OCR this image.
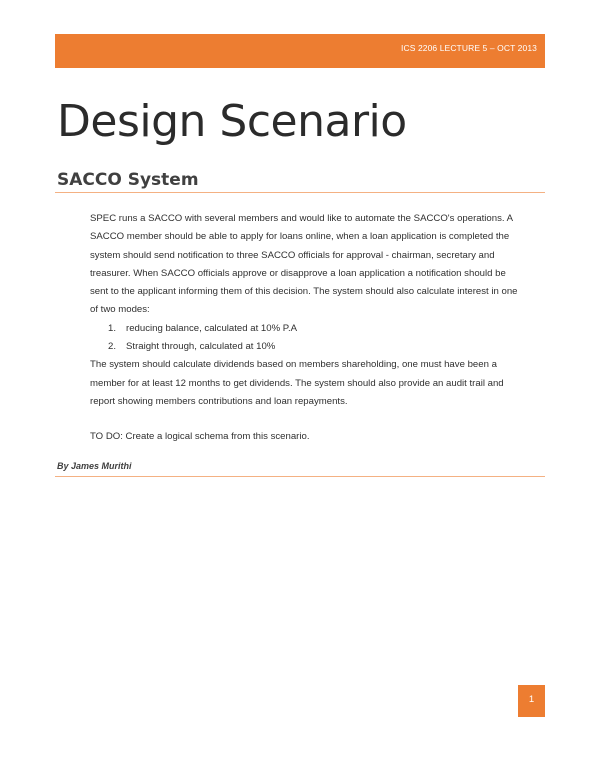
ICS 2206 LECTURE 5 – OCT 2013
Design Scenario
SACCO System

SPEC runs a SACCO with several members and would like to automate the SACCO's operations. A SACCO member should be able to apply for loans online, when a loan application is completed the system should send notification to three SACCO officials for approval - chairman, secretary and treasurer. When SACCO officials approve or disapprove a loan application a notification should be sent to the applicant informing them of this decision. The system should also calculate interest in one of two modes:

1. reducing balance, calculated at 10% P.A
2. Straight through, calculated at 10%

The system should calculate dividends based on members shareholding, one must have been a member for at least 12 months to get dividends. The system should also provide an audit trail and report showing members contributions and loan repayments.

TO DO: Create a logical schema from this scenario.

By James Murithi
1
